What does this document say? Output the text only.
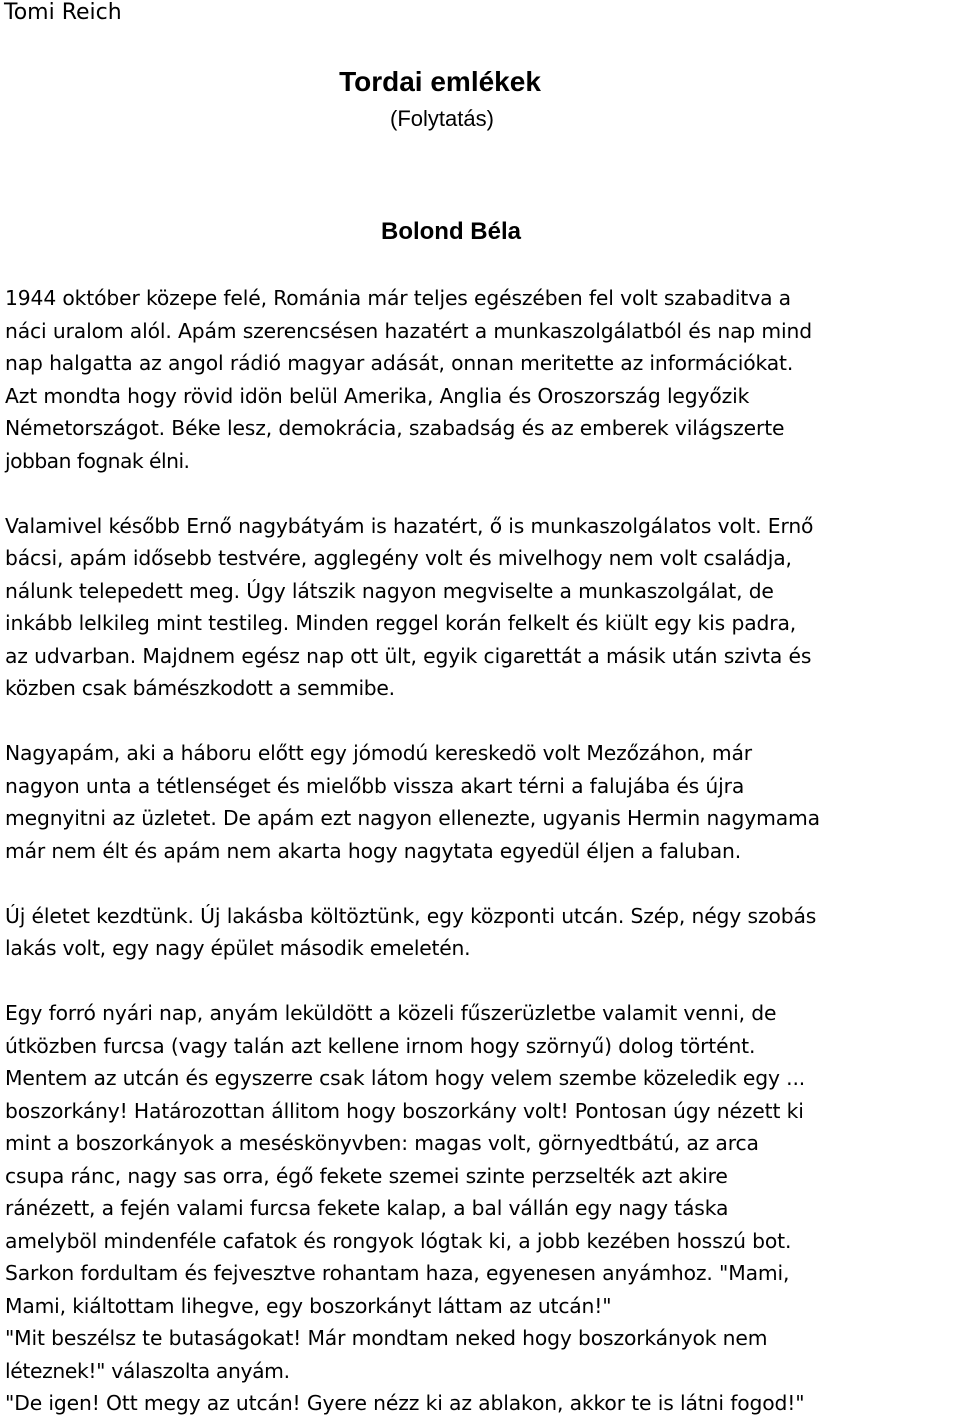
Tomi Reich
Tordai emlékek
(Folytatás)
Bolond Béla
1944 október közepe felé, Románia már teljes egészében fel volt szabaditva a
náci uralom alól. Apám szerencsésen hazatért a munkaszolgálatból és nap mind
nap halgatta az angol rádió magyar adását, onnan meritette az információkat.
Azt mondta hogy rövid idön belül Amerika, Anglia és Oroszország legyőzik
Németországot. Béke lesz, demokrácia, szabadság és az emberek világszerte
jobban fognak élni.
Valamivel később Ernő nagybátyám is hazatért, ő is munkaszolgálatos volt. Ernő
bácsi, apám idősebb testvére, agglegény volt és mivelhogy nem volt családja,
nálunk telepedett meg. Úgy látszik nagyon megviselte a munkaszolgálat, de
inkább lelkileg mint testileg. Minden reggel korán felkelt és kiült egy kis padra,
az udvarban. Majdnem egész nap ott ült, egyik cigarettát a másik után szivta és
közben csak bámészkodott a semmibe.
Nagyapám, aki a háboru előtt egy jómodú kereskedö volt Mezőzáhon, már
nagyon unta a tétlenséget és mielőbb vissza akart térni a falujába és újra
megnyitni az üzletet. De apám ezt nagyon ellenezte, ugyanis Hermin nagymama
már nem élt és apám nem akarta hogy nagytata egyedül éljen a faluban.
Új életet kezdtünk. Új lakásba költöztünk, egy központi utcán. Szép, négy szobás
lakás volt, egy nagy épület második emeletén.
Egy forró nyári nap, anyám leküldött a közeli fűszerüzletbe valamit venni, de
útközben furcsa (vagy talán azt kellene irnom hogy szörnyű) dolog történt.
Mentem az utcán és egyszerre csak látom hogy velem szembe közeledik egy ...
boszorkány! Határozottan állitom hogy boszorkány volt! Pontosan úgy nézett ki
mint a boszorkányok a meséskönyvben: magas volt, görnyedtbátú, az arca
csupa ránc, nagy sas orra, égő fekete szemei szinte perzselték azt akire
ránézett, a fején valami furcsa fekete kalap, a bal vállán egy nagy táska
amelyböl mindenféle cafatok és rongyok lógtak ki, a jobb kezében hosszú bot.
Sarkon fordultam és fejvesztve rohantam haza, egyenesen anyámhoz. "Mami,
Mami, kiáltottam lihegve, egy boszorkányt láttam az utcán!"
"Mit beszélsz te butaságokat! Már mondtam neked hogy boszorkányok nem
léteznek!" válaszolta anyám.
"De igen! Ott megy az utcán! Gyere nézz ki az ablakon, akkor te is látni fogod!"
